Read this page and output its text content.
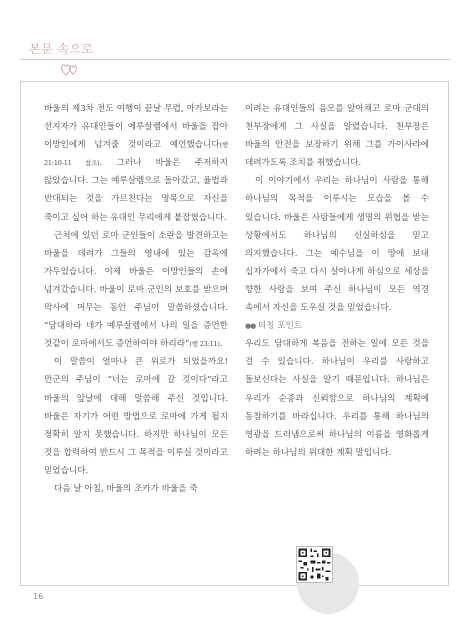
본문 속으로

바울의 제3차 전도 여행이 끝날 무렵, 아가보라는 선지자가 유대인들이 예루살렘에서 바울을 잡아 이방인에게 넘겨줄 것이라고 예언했습니다(행 21:10-11 참조). 그러나 바울은 주저하지 않았습니다. 그는 예루살렘으로 돌아갔고, 율법과 반대되는 것을 가르친다는 명목으로 자신을 죽이고 싶어 하는 유대인 무리에게 붙잡혔습니다.

근처에 있던 로마 군인들이 소란을 발견하고는 바울을 데려가 그들의 영내에 있는 감옥에 가두었습니다. 이제 바울은 이방인들의 손에 넘겨갔습니다. 바울이 로마 군인의 보호를 받으며 막사에 머무는 동안 주님이 말씀하셨습니다. “담대하라 네가 예루살렘에서 나의 일을 증언한 것같이 로마에서도 증언하여야 하리라”(행 23:11).

이 말씀이 얼마나 큰 위로가 되었을까요! 만군의 주님이 “너는 로마에 갈 것이다”라고 바울의 앞날에 대해 말씀해 주신 것입니다. 바울은 자기가 어떤 방법으로 로마에 가게 될지 정확히 알지 못했습니다. 하지만 하나님이 모든 것을 합력하여 반드시 그 목적을 이루실 것이라고 믿었습니다.

다음 날 아침, 바울의 조카가 바울을 죽

이려는 유대인들의 음모를 알아채고 로마 군대의 천부장에게 그 사실을 알렸습니다. 천부장은 바울의 안전을 보장하기 위해 그를 가이사랴에 데려가도록 조치를 취했습니다.

이 이야기에서 우리는 하나님이 사람을 통해 하나님의 목적을 이루시는 모습을 볼 수 있습니다. 바울은 사람들에게 생명의 위협을 받는 상황에서도 하나님의 신실하심을 믿고 의지했습니다. 그는 예수님을 이 땅에 보내 십자가에서 죽고 다시 살아나게 하심으로 세상을 향한 사랑을 보여 주신 하나님이 모든 역경 속에서 자신을 도우실 것을 믿었습니다.

●● 티칭 포인트

우리도 담대하게 복음을 전하는 일에 모든 것을 걸 수 있습니다. 하나님이 우리를 사랑하고 돌보신다는 사실을 알기 때문입니다. 하나님은 우리가 순종과 신뢰함으로 하나님의 계획에 동참하기를 바라십니다. 우리를 통해 하나님의 영광을 드러냄으로써 하나님의 이름을 영화롭게 하려는 하나님의 위대한 계획 말입니다.

16
